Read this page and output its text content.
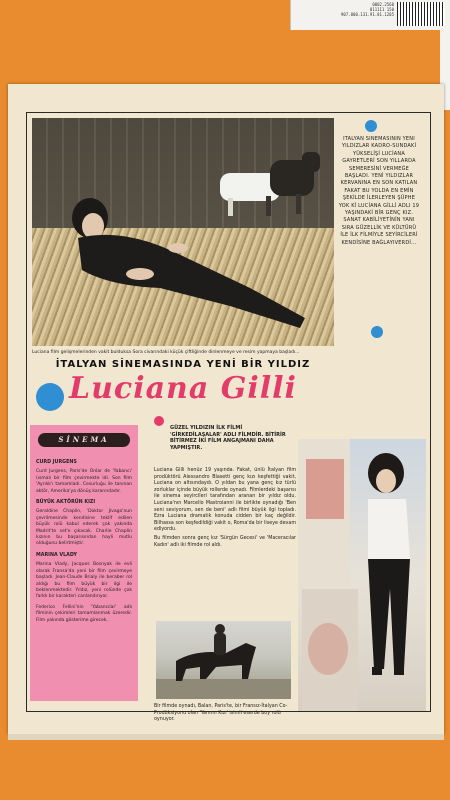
0002.2560
011111 150
907.800.131.91.81.1205
Luciana film gelişmelerinden vakit bulduksa Sora civarındaki küçük çiftliğinde dinlenmeye ve resim yapmaya başladı...
İTALYAN SİNEMASININ YENİ YILDIZLAR KADRO-SUNDAKİ YÜKSELİŞİ LUCİANA GAYRETLERİ SON YILLARDA SEMERESİNİ VERMEĞE BAŞLADI. YENİ YILDIZLAR KERVANINA EN SON KATILAN FAKAT BU YOLDA EN EMİN ŞEKİLDE İLERLEYEN ŞÜPHE YOK Kİ LUCİANA GİLLİ ADLI 19 YAŞINDAKİ BİR GENÇ KIZ. SANAT KABİLİYETİNİN YANI SIRA GÜZELLİK VE KÜLTÜRÜ İLE İLK FİLMİYLE SEYİRCİLERİ KENDİSİNE BAĞLAYIVERDİ...
İTALYAN SİNEMASINDA YENİ BİR YILDIZ
Luciana Gilli
SİNEMA
CURD JURGENS

Curd Jurgens, Paris'de Onlar de 'Yabancı' (ısmalı bir film çevirmekte idi. Son film 'Ayrılık'ı tamamladı. Cesurluğu ile tanınan aktör, Amerika'ya dönüş kararındadır.

BÜYÜK AKTÖRÜN KIZI

Geraldine Chaplin, 'Doktor Jivago'nun çevrilmesinde kendisine teklif edilen büyük rolü kabul ederek çok yakında Madrit'te set'e çıkacak. Charlie Chaplin kızının bu başarısından hayli mutlu olduğunu belirtmiştir.

MARINA VLADY

Marina Vlady, Jacques Bosnyak ile evli olarak Fransa'da yeni bir film çevirmeye başladı. Jean-Claude Brialy ile beraber rol aldığı bu film büyük bir ilgi ile beklenmektedir. Yıldız, yeni rolünde çok farklı bir karakteri canlandırıyor.

Federico Fellini'nin 'Yabancılar' adlı filminin çekimleri tamamlanmak üzeredir. Film yakında gösterime girecek.

GÜZEL YILDIZIN İLK FİLMİ 'GİRKEDİLAŞALAR' ADLI FİLMDİR. BİTİRİR BİTİRMEZ İKİ FİLM ANGAJMANI DAHA YAPMIŞTIR.

Luciana Gilli henüz 19 yaşında. Fakat, ünlü İtalyan film prodüktörü Alessandro Blasetti genç kızı keşfettiği vakit, Luciana on altısındaydı. O yıldan bu yana genç kız türlü zorluklar içinde büyük rollerde oynadı. Filmlerdeki başarısı ile sinema seyircileri tarafından aranan bir yıldız oldu. Luciana'nın Marcello Mastroianni ile birlikte oynadığı 'Ben seni seviyorum, sen de beni' adlı filmi büyük ilgi topladı. Ezra Luciana dramatik konuda cidden bir kaç değildir. Bilhassa son keşfedildiği vakit o, Roma'da bir liseye devam ediyordu.

Bu filmden sonra genç kız 'Sürgün Gecesi' ve 'Maceracılar Kadın' adlı iki filmde rol aldı.

Bir filmde oynadı, Balan, Paris'te, bir Fransız-İtalyan Co-Prodüksiyonu olan 'Yarının Kızı' isimli eserde boy rolü oynuyor.
